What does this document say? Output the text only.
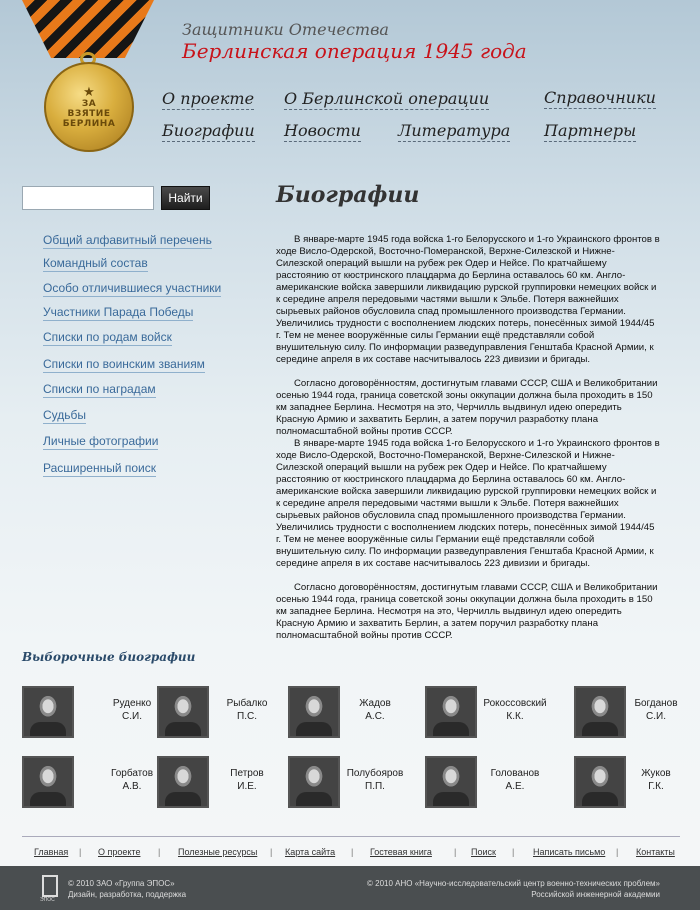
★
ЗА
ВЗЯТИЕ
БЕРЛИНА
Защитники Отечества
Берлинская операция 1945 года
О проекте О Берлинской операции	Справочники
Биографии Новости Литература Партнеры
Найти
Общий алфавитный перечень
Командный состав
Особо отличившиеся участники
Участники Парада Победы
Списки по родам войск
Списки по воинским званиям
Списки по наградам
Судьбы
Личные фотографии
Расширенный поиск
Биографии

В январе-марте 1945 года войска 1-го Белорусского и 1-го Украинского фронтов в ходе Висло-Одерской, Восточно-Померанской, Верхне-Силезской и Нижне-Силезской операций вышли на рубеж рек Одер и Нейсе. По кратчайшему расстоянию от кюстринского плацдарма до Берлина оставалось 60 км. Англо-американские войска завершили ликвидацию рурской группировки немецких войск и к середине апреля передовыми частями вышли к Эльбе. Потеря важнейших сырьевых районов обусловила спад промышленного производства Германии. Увеличились трудности с восполнением людских потерь, понесённых зимой 1944/45 г. Тем не менее вооружённые силы Германии ещё представляли собой внушительную силу. По информации разведуправления Генштаба Красной Армии, к середине апреля в их составе насчитывалось 223 дивизии и бригады.

Согласно договорённостям, достигнутым главами СССР, США и Великобритании осенью 1944 года, граница советской зоны оккупации должна была проходить в 150 км западнее Берлина. Несмотря на это, Черчилль выдвинул идею опередить Красную Армию и захватить Берлин, а затем поручил разработку плана полномасштабной войны против СССР.

В январе-марте 1945 года войска 1-го Белорусского и 1-го Украинского фронтов в ходе Висло-Одерской, Восточно-Померанской, Верхне-Силезской и Нижне-Силезской операций вышли на рубеж рек Одер и Нейсе. По кратчайшему расстоянию от кюстринского плацдарма до Берлина оставалось 60 км. Англо-американские войска завершили ликвидацию рурской группировки немецких войск и к середине апреля передовыми частями вышли к Эльбе. Потеря важнейших сырьевых районов обусловила спад промышленного производства Германии. Увеличились трудности с восполнением людских потерь, понесённых зимой 1944/45 г. Тем не менее вооружённые силы Германии ещё представляли собой внушительную силу. По информации разведуправления Генштаба Красной Армии, к середине апреля в их составе насчитывалось 223 дивизии и бригады.

Согласно договорённостям, достигнутым главами СССР, США и Великобритании осенью 1944 года, граница советской зоны оккупации должна была проходить в 150 км западнее Берлина. Несмотря на это, Черчилль выдвинул идею опередить Красную Армию и захватить Берлин, а затем поручил разработку плана полномасштабной войны против СССР.

Выборочные биографии
Руденко
С.И.
Рыбалко
П.С.
Жадов
А.С.
Рокоссовский
К.К.
Богданов
С.И.
Горбатов
А.В.
Петров
И.Е.
Полубояров
П.П.
Голованов
А.Е.
Жуков
Г.К.
Главная | О проекте | Полезные ресурсы | Карта сайта | Гостевая книга | Поиск | Написать письмо | Контакты
ЭПОС
© 2010 ЗАО «Группа ЭПОС»
Дизайн, разработка, поддержка
© 2010 АНО «Научно-исследовательский центр военно-технических проблем»
Российской инженерной академии
